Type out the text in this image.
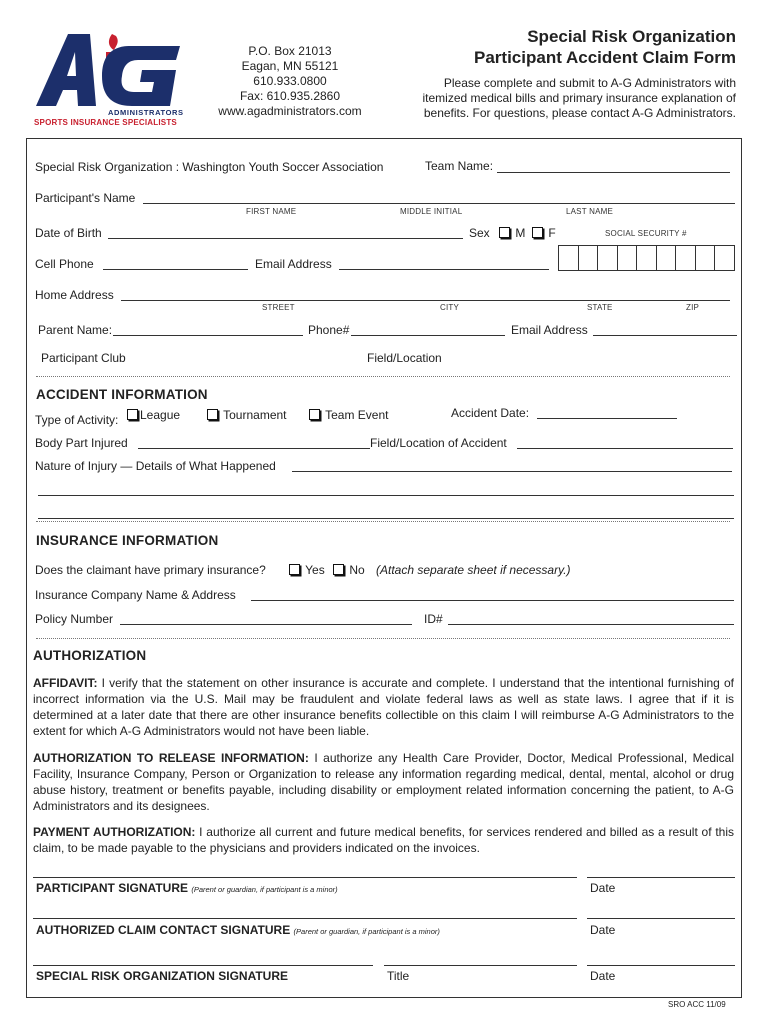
ADMINISTRATORS
SPORTS INSURANCE SPECIALISTS
P.O. Box 21013
Eagan, MN 55121
610.933.0800
Fax: 610.935.2860
www.agadministrators.com
Special Risk Organization
Participant Accident Claim Form
Please complete and submit to A-G Administrators with itemized medical bills and primary insurance explanation of benefits. For questions, please contact A-G Administrators.
Special Risk Organization : Washington Youth Soccer Association	Team Name:
Participant's Name
FIRST NAME	MIDDLE INITIAL	LAST NAME
Date of Birth	Sex	M	F	SOCIAL SECURITY #
Cell Phone	Email Address
Home Address
STREET	CITY	STATE	ZIP
Parent Name:	Phone#	Email Address
Participant Club	Field/Location
ACCIDENT INFORMATION
Type of Activity:	League	Tournament	Team Event	Accident Date:
Body Part Injured	Field/Location of Accident
Nature of Injury — Details of What Happened
INSURANCE INFORMATION
Does the claimant have primary insurance?	Yes	No (Attach separate sheet if necessary.)
Insurance Company Name & Address
Policy Number	ID#
AUTHORIZATION
AFFIDAVIT: I verify that the statement on other insurance is accurate and complete. I understand that the intentional furnishing of incorrect information via the U.S. Mail may be fraudulent and violate federal laws as well as state laws. I agree that if it is determined at a later date that there are other insurance benefits collectible on this claim I will reimburse A-G Administrators to the extent for which A-G Administrators would not have been liable.
AUTHORIZATION TO RELEASE INFORMATION: I authorize any Health Care Provider, Doctor, Medical Professional, Medical Facility, Insurance Company, Person or Organization to release any information regarding medical, dental, mental, alcohol or drug abuse history, treatment or benefits payable, including disability or employment related information concerning the patient, to A-G Administrators and its designees.
PAYMENT AUTHORIZATION: I authorize all current and future medical benefits, for services rendered and billed as a result of this claim, to be made payable to the physicians and providers indicated on the invoices.
PARTICIPANT SIGNATURE (Parent or guardian, if participant is a minor)	Date
AUTHORIZED CLAIM CONTACT SIGNATURE (Parent or guardian, if participant is a minor)	Date
SPECIAL RISK ORGANIZATION SIGNATURE	Title	Date
SRO ACC 11/09
